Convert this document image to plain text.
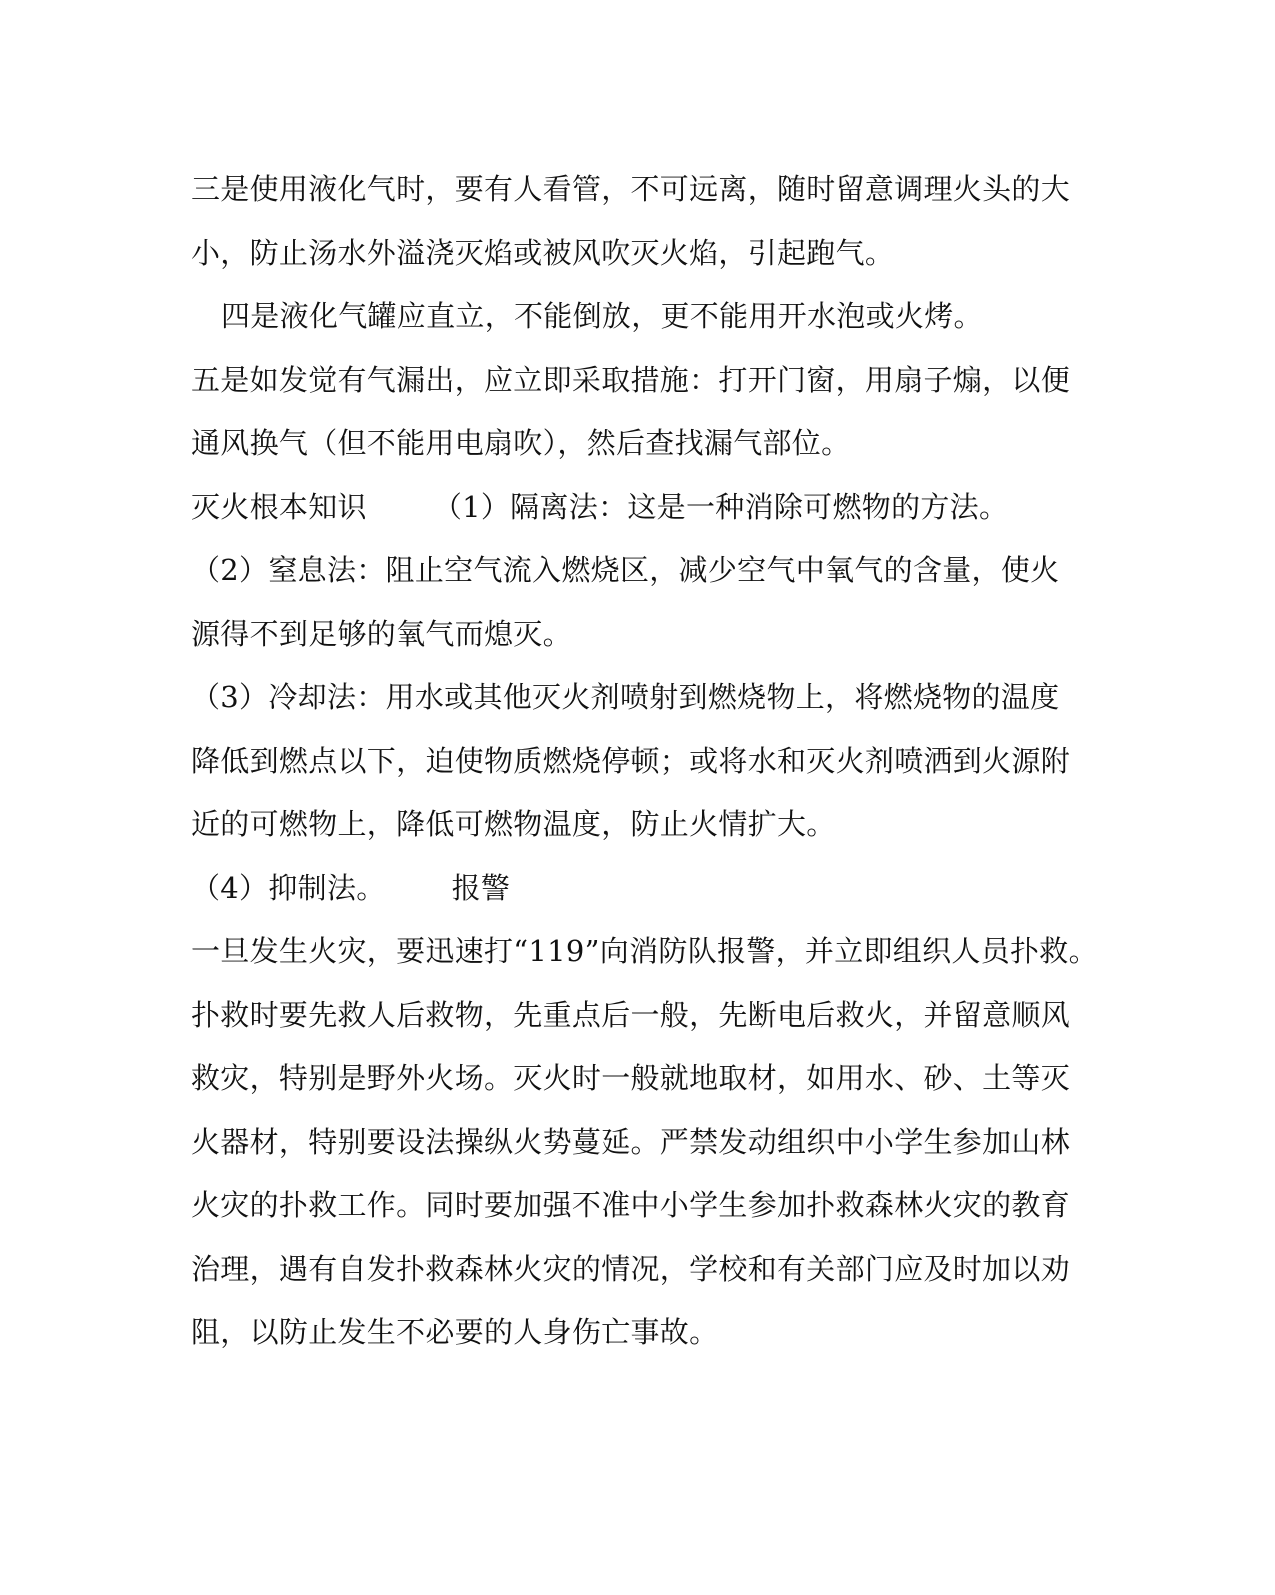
三是使用液化气时，要有人看管，不可远离，随时留意调理火头的大
小，防止汤水外溢浇灭焰或被风吹灭火焰，引起跑气。
四是液化气罐应直立，不能倒放，更不能用开水泡或火烤。
五是如发觉有气漏出，应立即采取措施：打开门窗，用扇子煽，以便
通风换气（但不能用电扇吹），然后查找漏气部位。
灭火根本知识 （1）隔离法：这是一种消除可燃物的方法。
（2）窒息法：阻止空气流入燃烧区，减少空气中氧气的含量，使火
源得不到足够的氧气而熄灭。
（3）冷却法：用水或其他灭火剂喷射到燃烧物上，将燃烧物的温度
降低到燃点以下，迫使物质燃烧停顿；或将水和灭火剂喷洒到火源附
近的可燃物上，降低可燃物温度，防止火情扩大。
（4）抑制法。 报警
一旦发生火灾，要迅速打“119”向消防队报警，并立即组织人员扑救。
扑救时要先救人后救物，先重点后一般，先断电后救火，并留意顺风
救灾，特别是野外火场。灭火时一般就地取材，如用水、砂、土等灭
火器材，特别要设法操纵火势蔓延。严禁发动组织中小学生参加山林
火灾的扑救工作。同时要加强不准中小学生参加扑救森林火灾的教育
治理，遇有自发扑救森林火灾的情况，学校和有关部门应及时加以劝
阻，以防止发生不必要的人身伤亡事故。
